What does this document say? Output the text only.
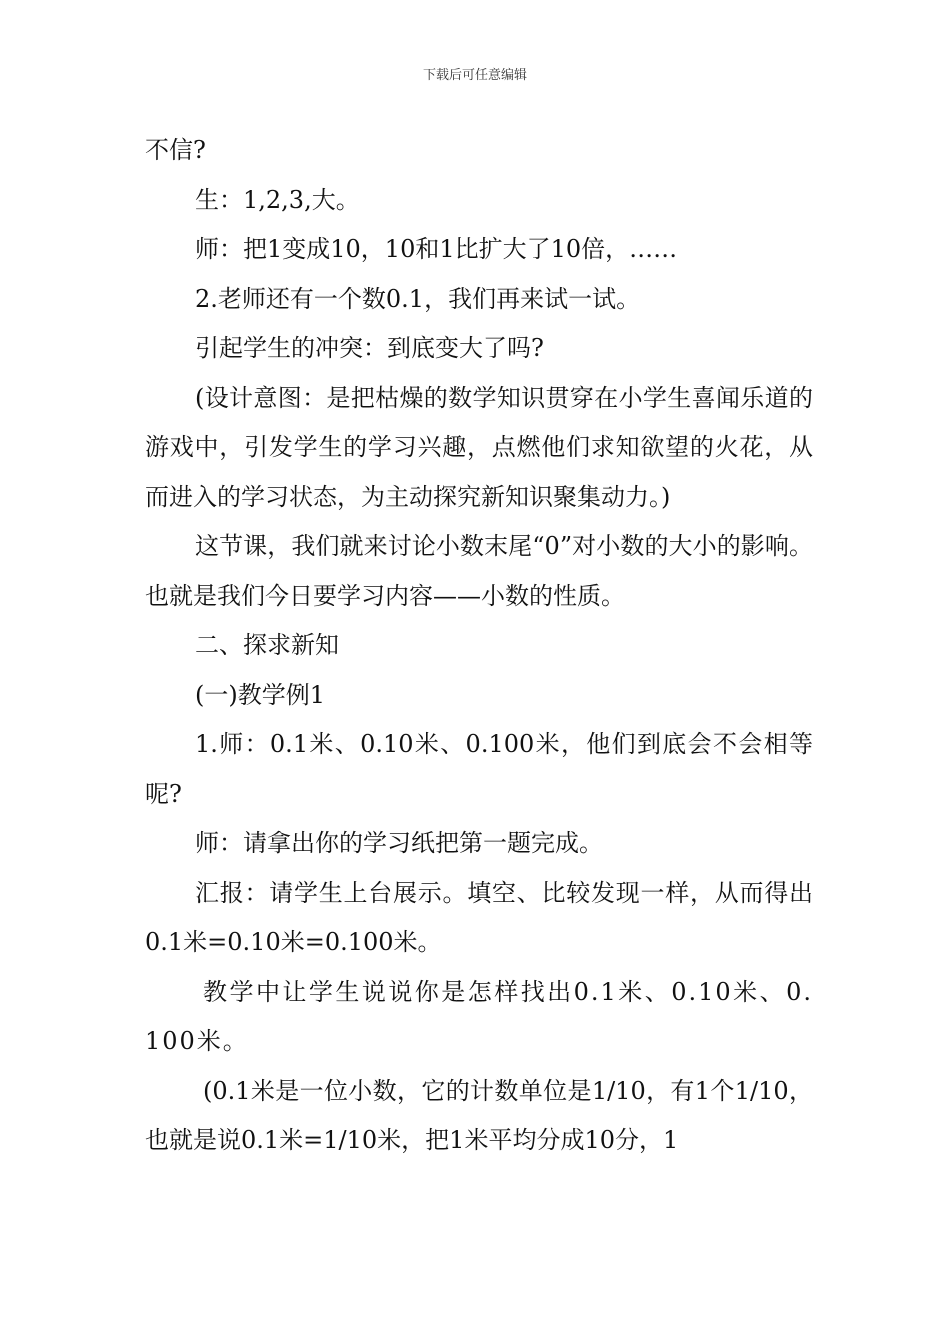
下载后可任意编辑

不信?

生：1,2,3,大。

师：把1变成10，10和1比扩大了10倍，……

2.老师还有一个数0.1，我们再来试一试。

引起学生的冲突：到底变大了吗?

(设计意图：是把枯燥的数学知识贯穿在小学生喜闻乐道的游戏中，引发学生的学习兴趣，点燃他们求知欲望的火花，从而进入的学习状态，为主动探究新知识聚集动力。)

这节课，我们就来讨论小数末尾“0”对小数的大小的影响。也就是我们今日要学习内容——小数的性质。

二、探求新知

(一)教学例1

1.师：0.1米、0.10米、0.100米，他们到底会不会相等呢?

师：请拿出你的学习纸把第一题完成。

汇报：请学生上台展示。填空、比较发现一样，从而得出0.1米=0.10米=0.100米。

教学中让学生说说你是怎样找出0.1米、0.10米、0.100米。

(0.1米是一位小数，它的计数单位是1/10，有1个1/10，也就是说0.1米=1/10米，把1米平均分成10分，1
